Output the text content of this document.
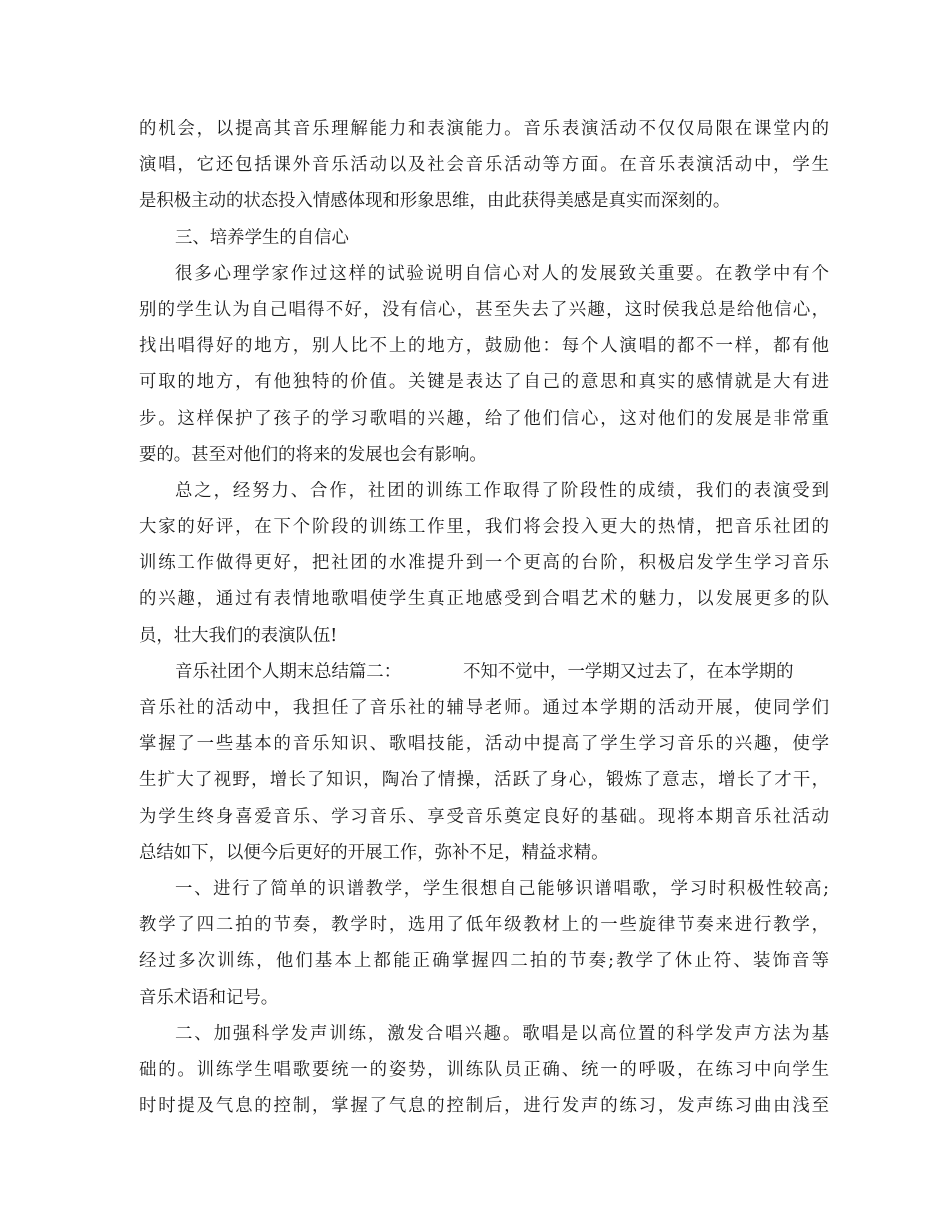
的机会，以提高其音乐理解能力和表演能力。音乐表演活动不仅仅局限在课堂内的
演唱，它还包括课外音乐活动以及社会音乐活动等方面。在音乐表演活动中，学生
是积极主动的状态投入情感体现和形象思维，由此获得美感是真实而深刻的。
三、培养学生的自信心
很多心理学家作过这样的试验说明自信心对人的发展致关重要。在教学中有个
别的学生认为自己唱得不好，没有信心，甚至失去了兴趣，这时侯我总是给他信心，
找出唱得好的地方，别人比不上的地方，鼓励他：每个人演唱的都不一样，都有他
可取的地方，有他独特的价值。关键是表达了自己的意思和真实的感情就是大有进
步。这样保护了孩子的学习歌唱的兴趣，给了他们信心，这对他们的发展是非常重
要的。甚至对他们的将来的发展也会有影响。
总之，经努力、合作，社团的训练工作取得了阶段性的成绩，我们的表演受到
大家的好评，在下个阶段的训练工作里，我们将会投入更大的热情，把音乐社团的
训练工作做得更好，把社团的水准提升到一个更高的台阶，积极启发学生学习音乐
的兴趣，通过有表情地歌唱使学生真正地感受到合唱艺术的魅力，以发展更多的队
员，壮大我们的表演队伍!
音乐社团个人期末总结篇二：	不知不觉中，一学期又过去了，在本学期的
音乐社的活动中，我担任了音乐社的辅导老师。通过本学期的活动开展，使同学们
掌握了一些基本的音乐知识、歌唱技能，活动中提高了学生学习音乐的兴趣，使学
生扩大了视野，增长了知识，陶冶了情操，活跃了身心，锻炼了意志，增长了才干，
为学生终身喜爱音乐、学习音乐、享受音乐奠定良好的基础。现将本期音乐社活动
总结如下，以便今后更好的开展工作，弥补不足，精益求精。
一、进行了简单的识谱教学，学生很想自己能够识谱唱歌，学习时积极性较高;
教学了四二拍的节奏，教学时，选用了低年级教材上的一些旋律节奏来进行教学，
经过多次训练，他们基本上都能正确掌握四二拍的节奏;教学了休止符、装饰音等
音乐术语和记号。
二、加强科学发声训练，激发合唱兴趣。歌唱是以高位置的科学发声方法为基
础的。训练学生唱歌要统一的姿势，训练队员正确、统一的呼吸，在练习中向学生
时时提及气息的控制，掌握了气息的控制后，进行发声的练习，发声练习曲由浅至
